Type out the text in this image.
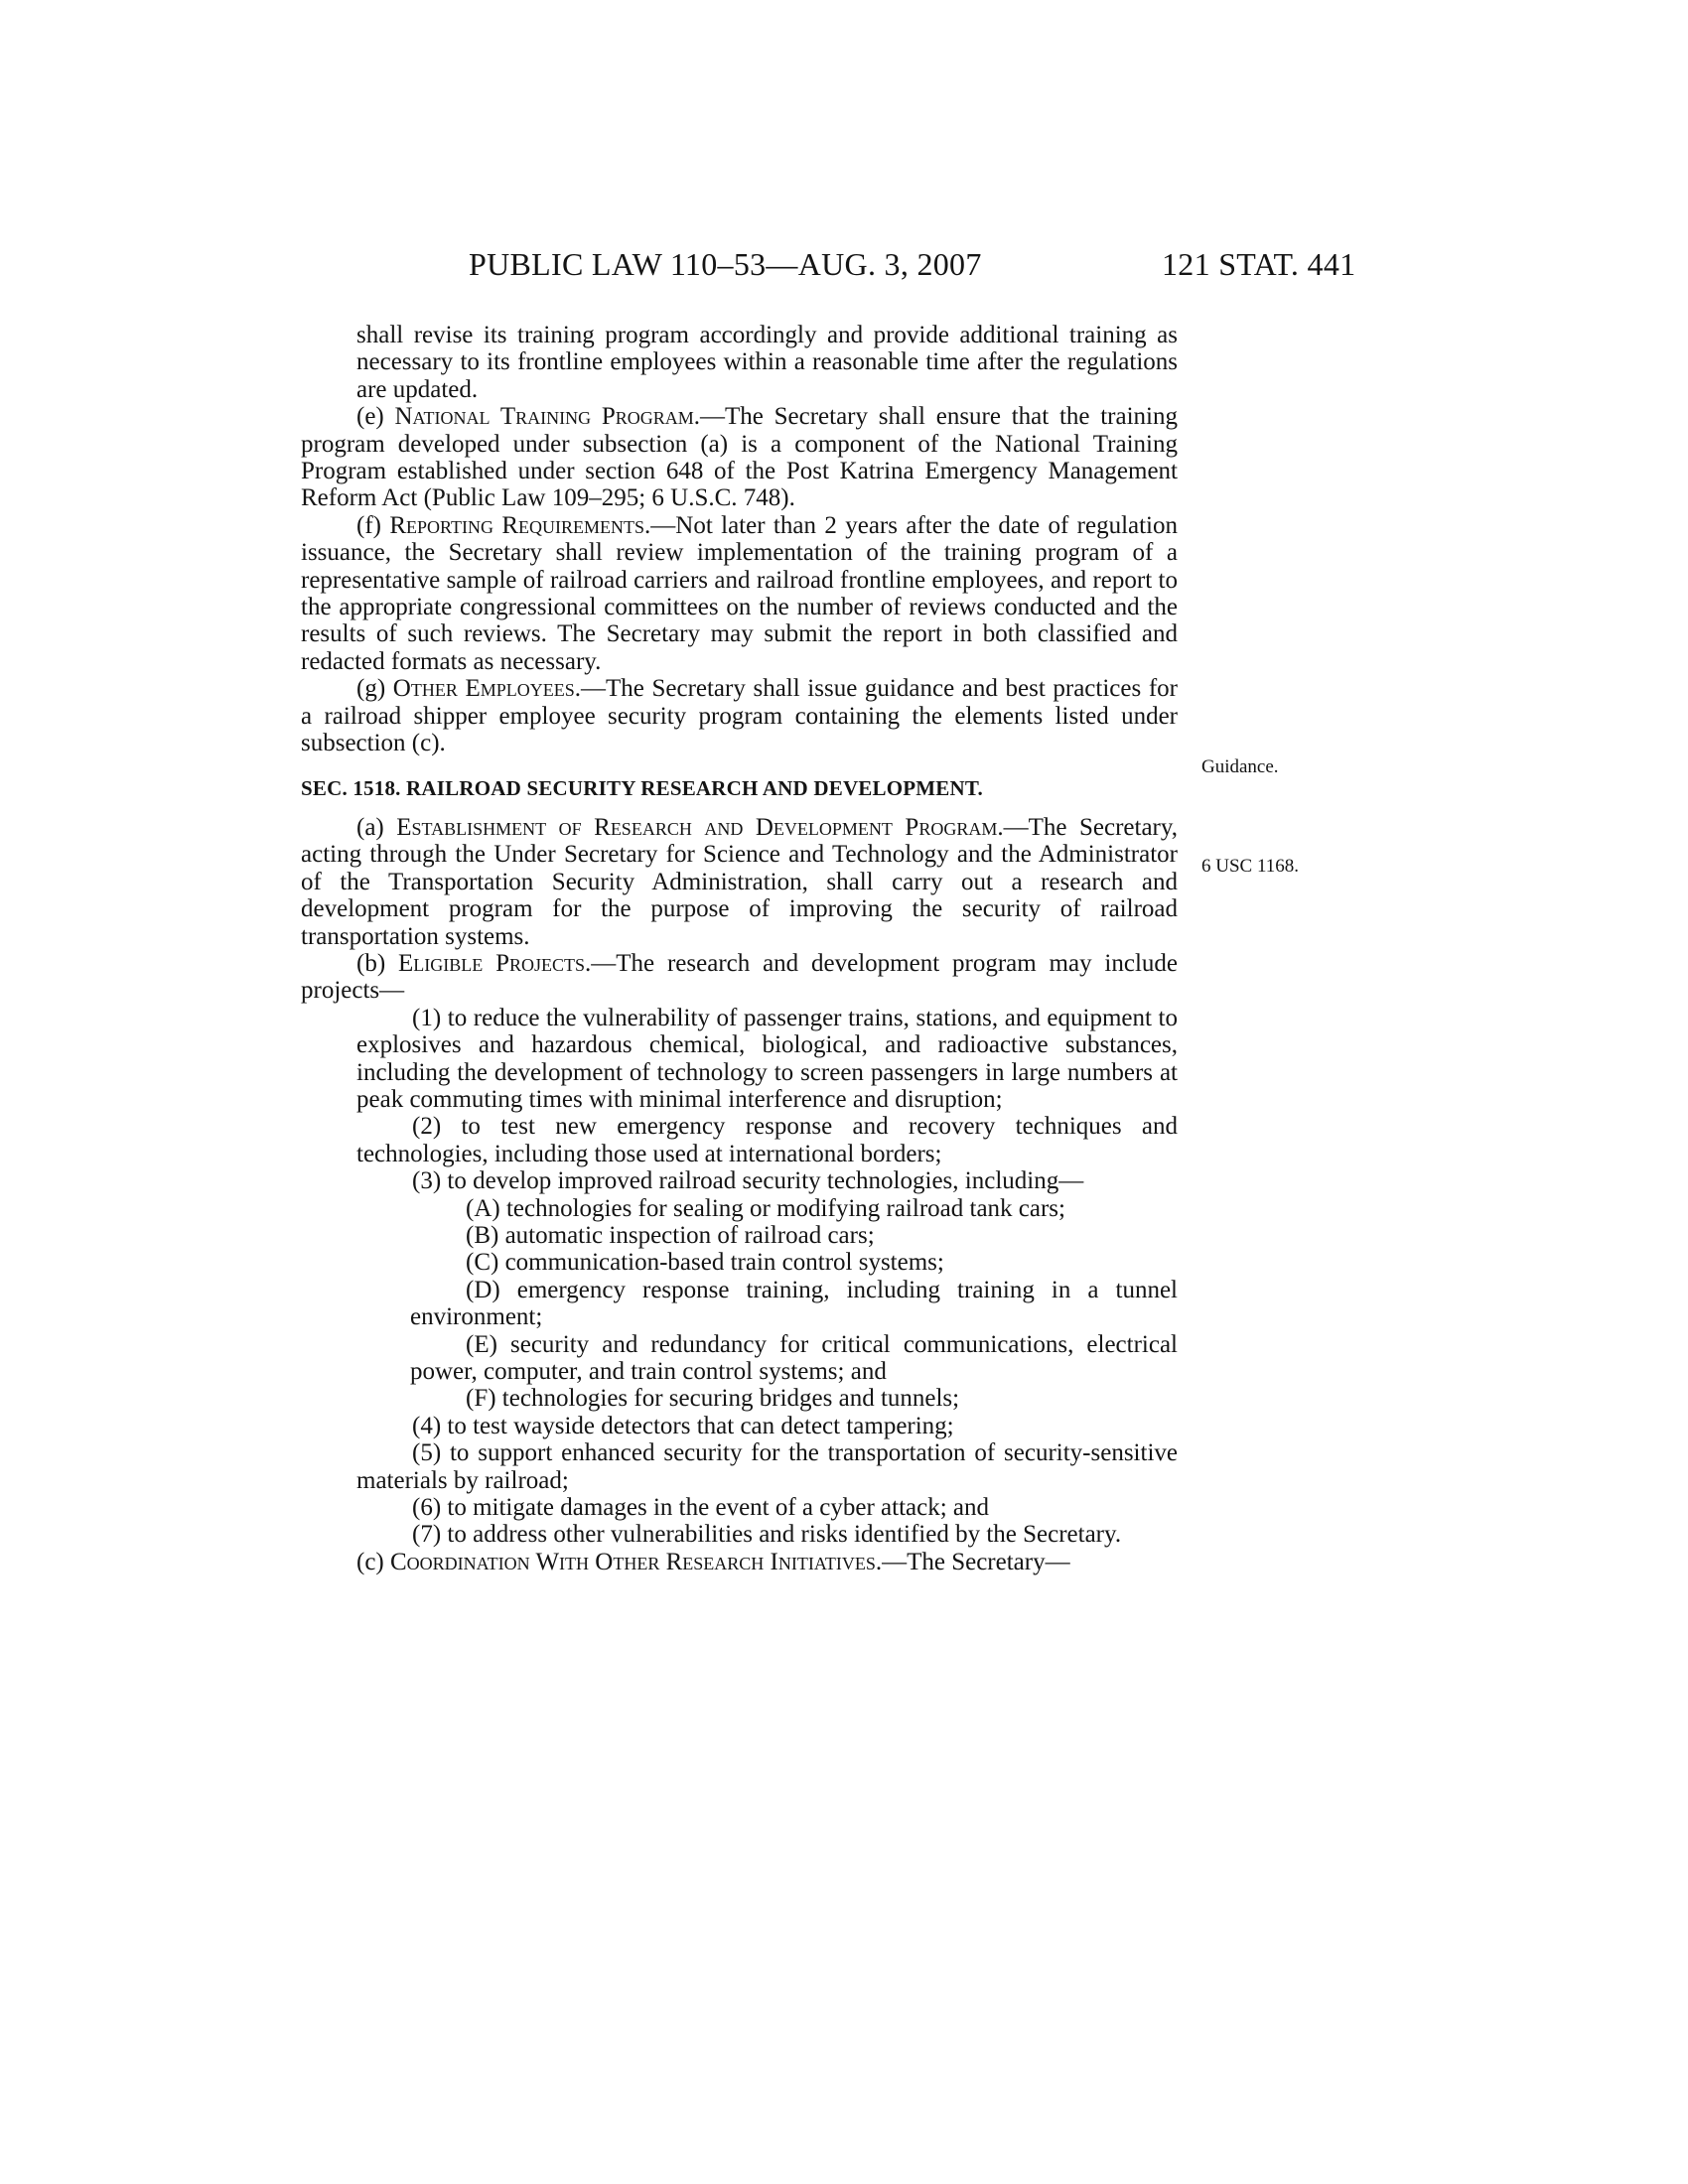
PUBLIC LAW 110–53—AUG. 3, 2007	121 STAT. 441
Guidance.
6 USC 1168.

shall revise its training program accordingly and provide additional training as necessary to its frontline employees within a reasonable time after the regulations are updated.

(e) National Training Program.—The Secretary shall ensure that the training program developed under subsection (a) is a component of the National Training Program established under section 648 of the Post Katrina Emergency Management Reform Act (Public Law 109–295; 6 U.S.C. 748).

(f) Reporting Requirements.—Not later than 2 years after the date of regulation issuance, the Secretary shall review implementation of the training program of a representative sample of railroad carriers and railroad frontline employees, and report to the appropriate congressional committees on the number of reviews conducted and the results of such reviews. The Secretary may submit the report in both classified and redacted formats as necessary.

(g) Other Employees.—The Secretary shall issue guidance and best practices for a railroad shipper employee security program containing the elements listed under subsection (c).

SEC. 1518. RAILROAD SECURITY RESEARCH AND DEVELOPMENT.

(a) Establishment of Research and Development Program.—The Secretary, acting through the Under Secretary for Science and Technology and the Administrator of the Transportation Security Administration, shall carry out a research and development program for the purpose of improving the security of railroad transportation systems.

(b) Eligible Projects.—The research and development program may include projects—

(1) to reduce the vulnerability of passenger trains, stations, and equipment to explosives and hazardous chemical, biological, and radioactive substances, including the development of technology to screen passengers in large numbers at peak commuting times with minimal interference and disruption;

(2) to test new emergency response and recovery techniques and technologies, including those used at international borders;

(3) to develop improved railroad security technologies, including—

(A) technologies for sealing or modifying railroad tank cars;

(B) automatic inspection of railroad cars;

(C) communication-based train control systems;

(D) emergency response training, including training in a tunnel environment;

(E) security and redundancy for critical communications, electrical power, computer, and train control systems; and

(F) technologies for securing bridges and tunnels;

(4) to test wayside detectors that can detect tampering;

(5) to support enhanced security for the transportation of security-sensitive materials by railroad;

(6) to mitigate damages in the event of a cyber attack; and

(7) to address other vulnerabilities and risks identified by the Secretary.

(c) Coordination With Other Research Initiatives.—The Secretary—
